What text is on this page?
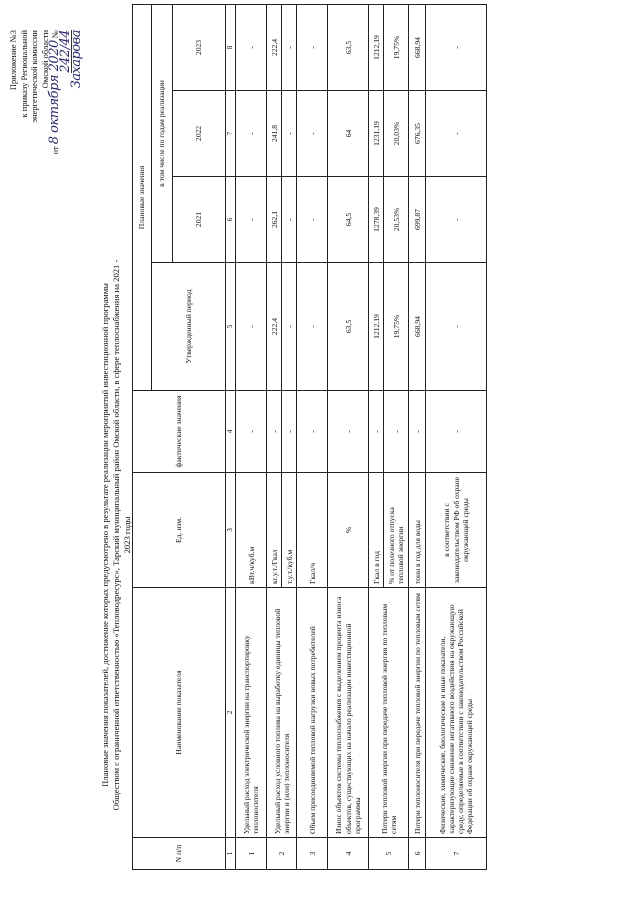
Приложение №3 к приказу Региональной энергетической комиссии Омской области
от 8 октября 2020 № 242/44
Захарова
Плановые значения показателей, достижение которых предусмотрено в результате реализации мероприятий инвестиционной программы Обществом с ограниченной ответственностью «Тепловодресурс», Тарский муниципальный район Омской области, в сфере теплоснабжения на 2021 - 2023 годы
N п/п	Наименование показателя	Ед. изм.	фактические значения	Плановые значения			
				Утвержденный период	в том числе по годам реализации		
					2021	2022	2023
1	2	3	4	5	6	7	8
1	Удельный расход электрической энергии на транспортировку теплоносителя	кВт.ч/куб.м	-	-	-	-	-
2	Удельный расход условного топлива на выработку единицы тепловой энергии и (или) теплоносителя	кг.у.т./Гкал	-	222,4	262,1	241,8	222,4
		т.у.т./куб.м	-	-	-	-	-
3	Объем присоединяемой тепловой нагрузки новых потребителей	Гкал/ч	-	-	-	-	-
4	Износ объектов системы теплоснабжения с выделением процента износа объектов, существующих на начало реализации инвестиционной программы	%	-	63,5	64,5	64	63,5
5	Потери тепловой энергии при передаче тепловой энергии по тепловым сетям	Гкал в год	-	1212,19	1278,39	1231,19	1212,19
		% от полезного отпуска тепловой энергии	-	19,75%	20,53%	20,03%	19,75%
6	Потери теплоносителя при передаче тепловой энергии по тепловым сетям	тонн в год для воды	-	668,94	699,87	676,35	668,94
7	Физические, химические, биологические и иные показатели, характеризующие снижение негативного воздействия на окружающую среду, определяемые в соответствии с законодательством Российской Федерации об охране окружающей среды	в соответствии с законодательством РФ об охране окружающей среды	-	-	-	-	-
